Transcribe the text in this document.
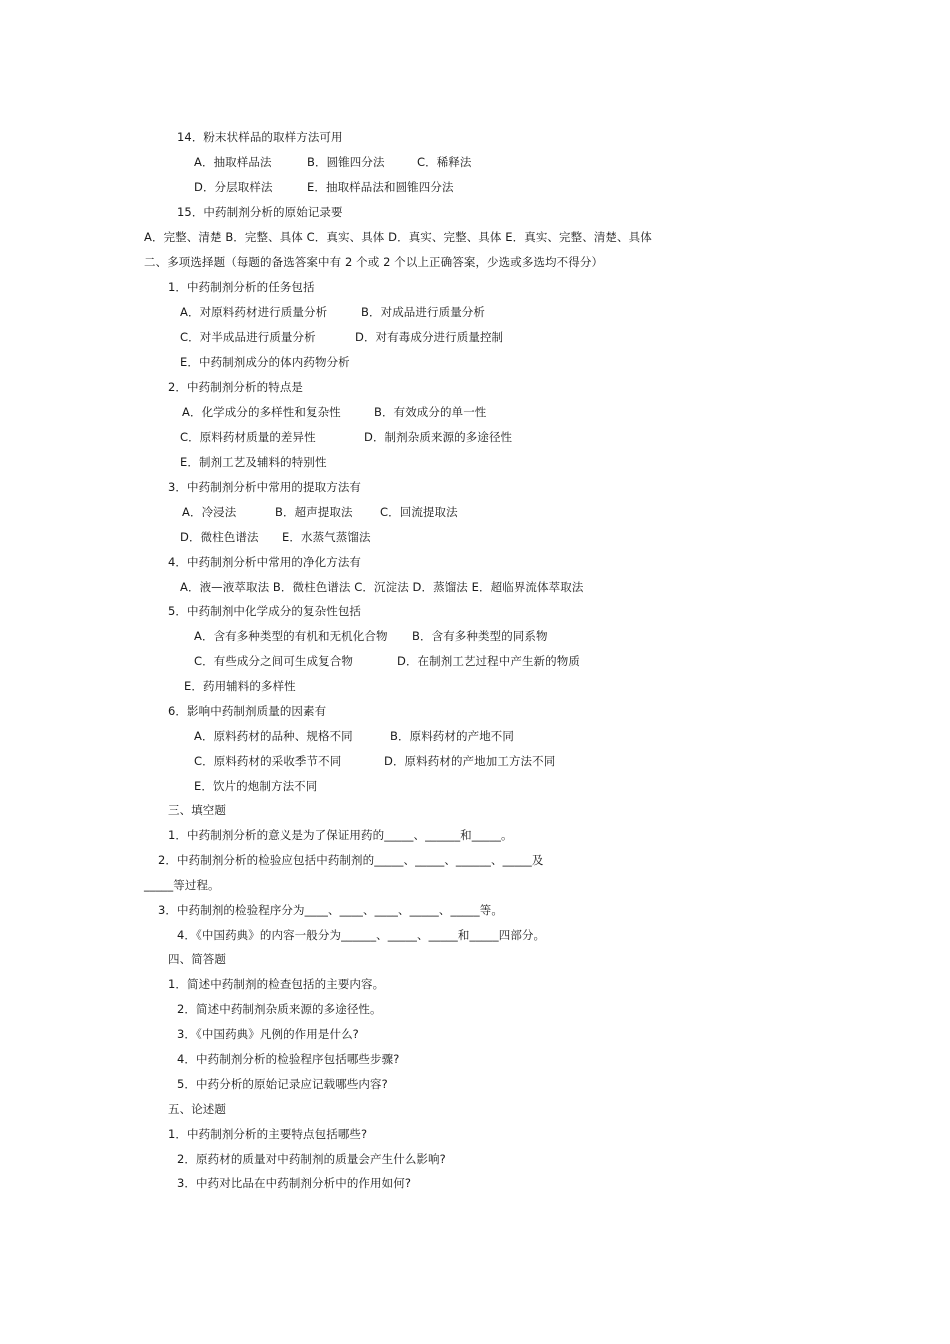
14．粉末状样品的取样方法可用
A．抽取样品法	B．圆锥四分法	C．稀释法
D．分层取样法	E．抽取样品法和圆锥四分法
15．中药制剂分析的原始记录要
A．完整、清楚 B．完整、具体 C．真实、具体 D．真实、完整、具体 E．真实、完整、清楚、具体
二、多项选择题（每题的备选答案中有 2 个或 2 个以上正确答案，少选或多选均不得分）
1．中药制剂分析的任务包括
A．对原料药材进行质量分析	B．对成品进行质量分析
C．对半成品进行质量分析	D．对有毒成分进行质量控制
E．中药制剂成分的体内药物分析
2．中药制剂分析的特点是
A．化学成分的多样性和复杂性	B．有效成分的单一性
C．原料药材质量的差异性	D．制剂杂质来源的多途径性
E．制剂工艺及辅料的特别性
3．中药制剂分析中常用的提取方法有
A．冷浸法	B．超声提取法 C．回流提取法
D．微柱色谱法 E．水蒸气蒸馏法
4．中药制剂分析中常用的净化方法有
A．液—液萃取法 B．微柱色谱法 C．沉淀法 D．蒸馏法 E．超临界流体萃取法
5．中药制剂中化学成分的复杂性包括
A．含有多种类型的有机和无机化合物 B．含有多种类型的同系物
C．有些成分之间可生成复合物	D．在制剂工艺过程中产生新的物质
E．药用辅料的多样性
6．影响中药制剂质量的因素有
A．原料药材的品种、规格不同	B．原料药材的产地不同
C．原料药材的采收季节不同	D．原料药材的产地加工方法不同
E．饮片的炮制方法不同
三、填空题
1．中药制剂分析的意义是为了保证用药的_____、______和_____。
2．中药制剂分析的检验应包括中药制剂的_____、_____、______、_____及
_____等过程。
3．中药制剂的检验程序分为____、____、____、_____、_____等。
4．《中国药典》的内容一般分为______、_____、_____和_____四部分。
四、简答题
1．简述中药制剂的检查包括的主要内容。
2．简述中药制剂杂质来源的多途径性。
3．《中国药典》凡例的作用是什么?
4．中药制剂分析的检验程序包括哪些步骤?
5．中药分析的原始记录应记载哪些内容?
五、论述题
1．中药制剂分析的主要特点包括哪些?
2．原药材的质量对中药制剂的质量会产生什么影响?
3．中药对比品在中药制剂分析中的作用如何?
